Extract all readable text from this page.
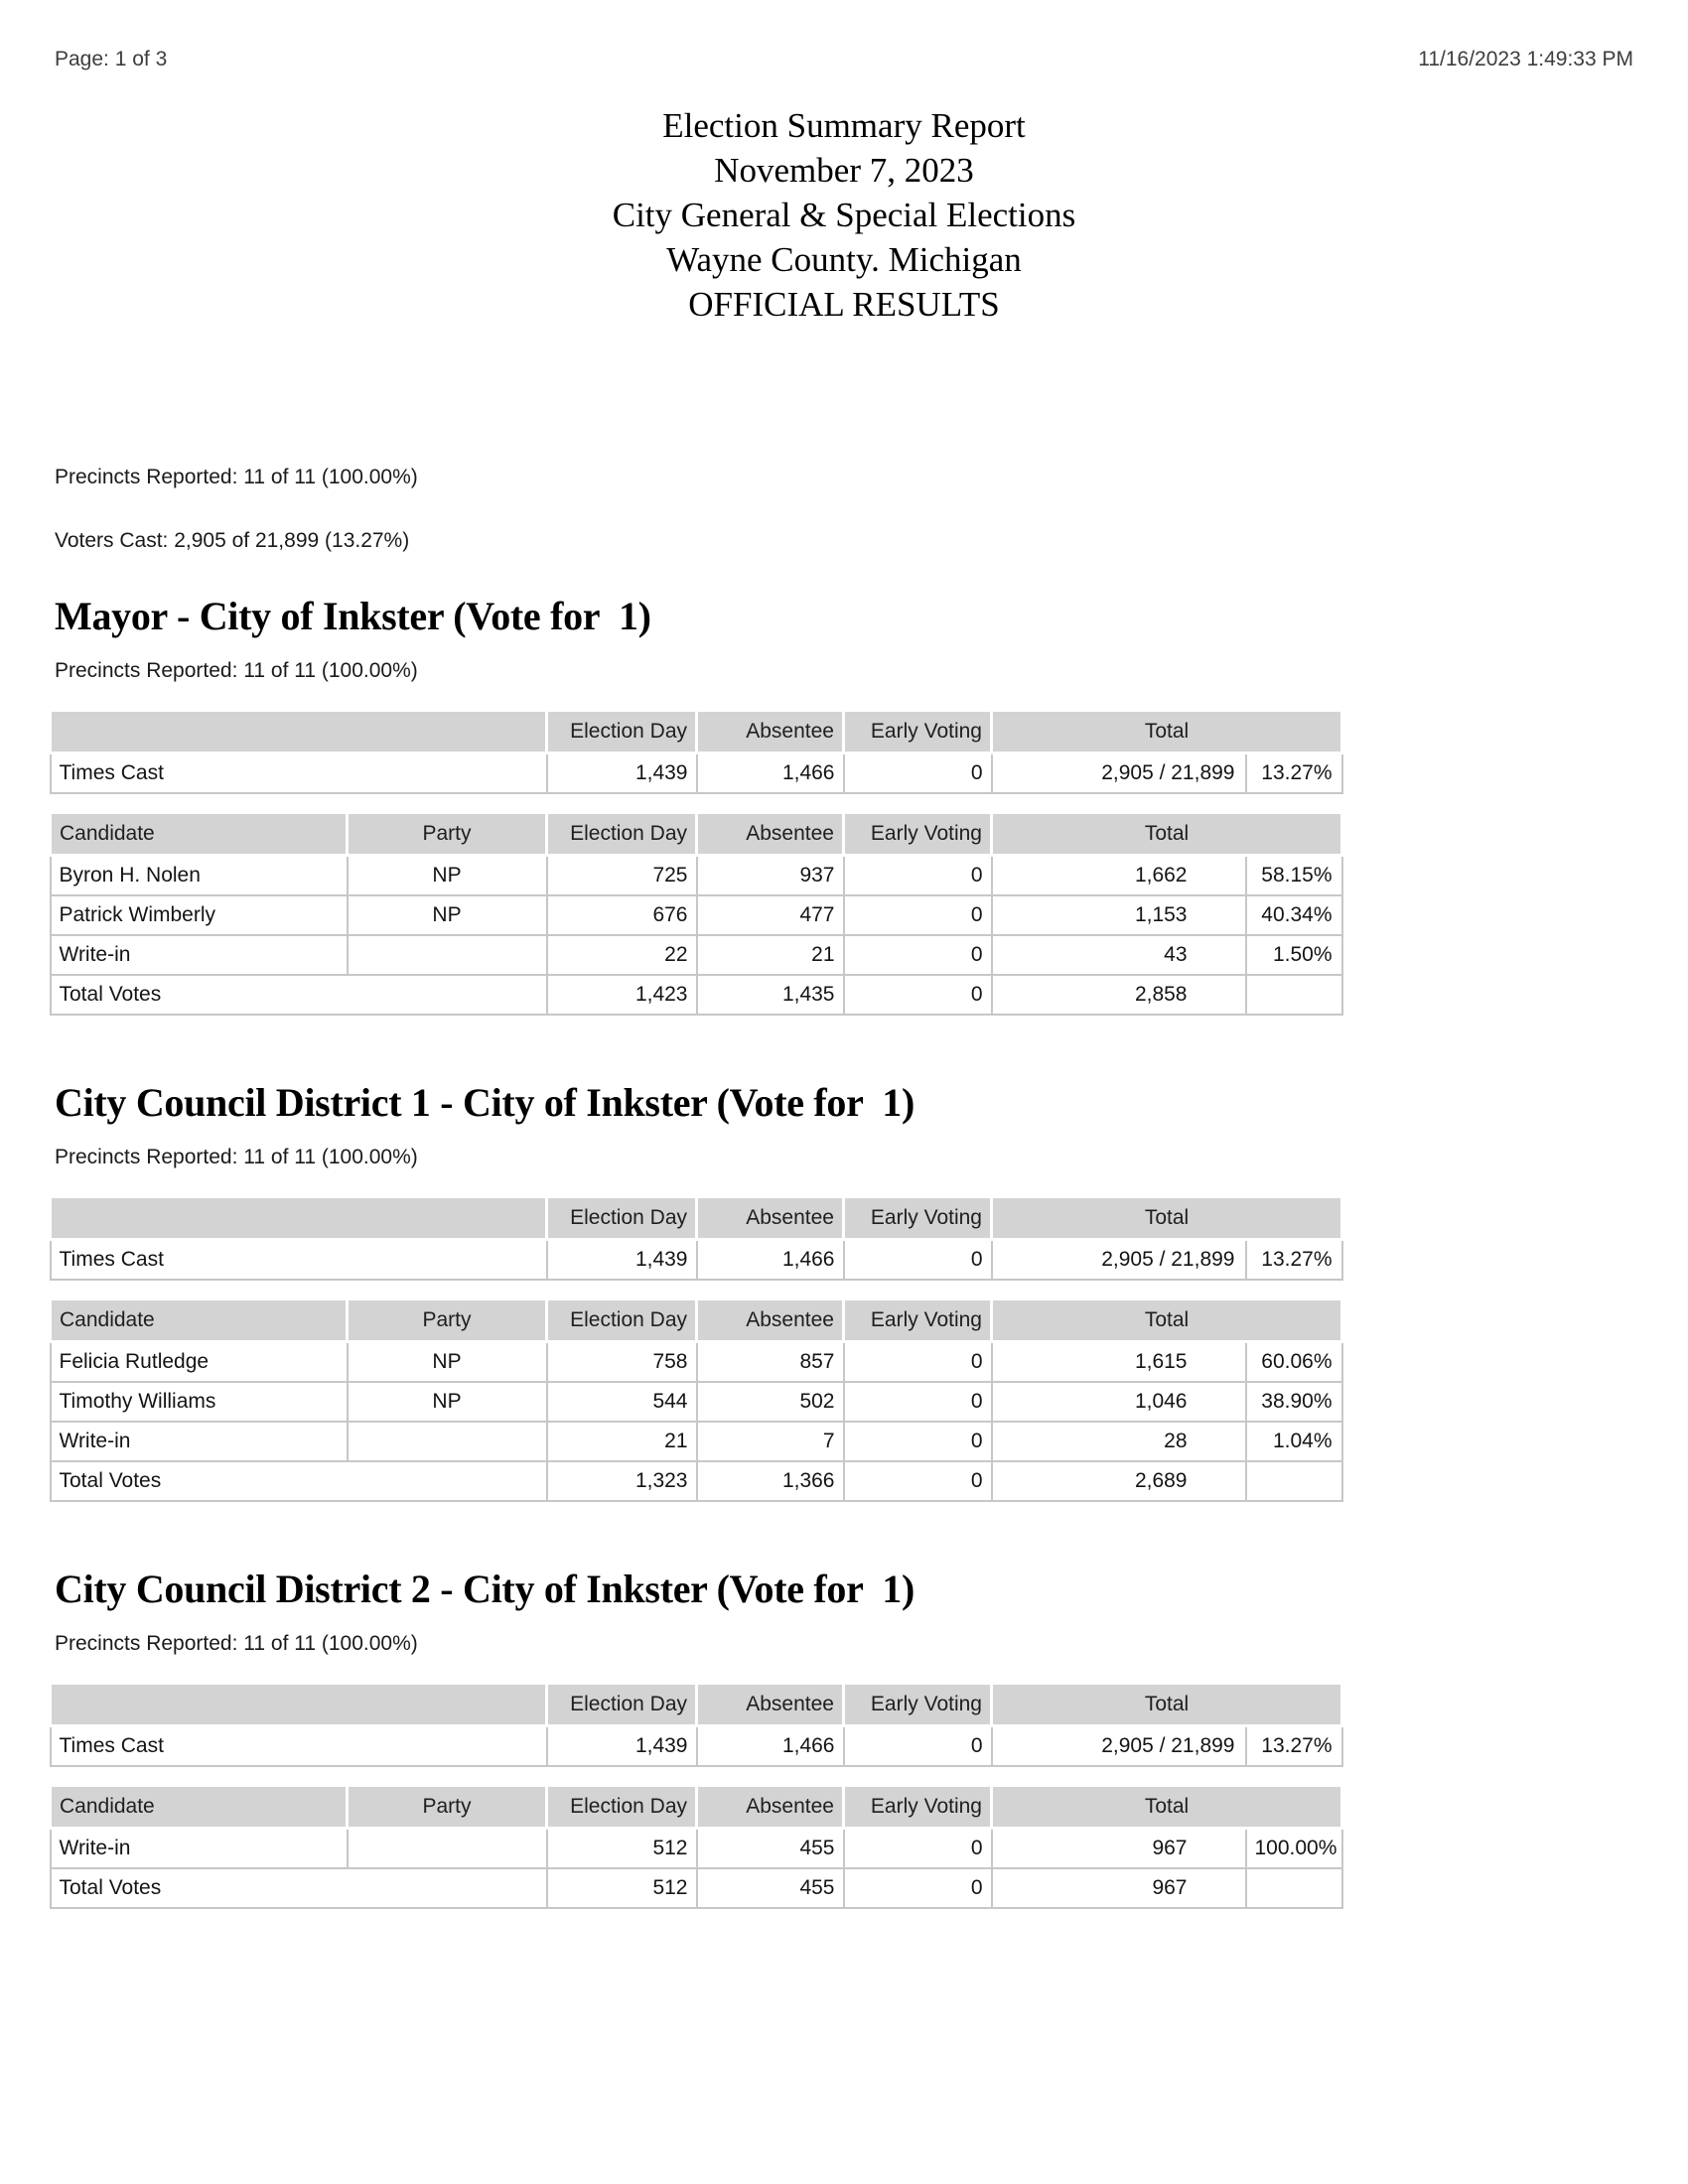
Page: 1 of 3	11/16/2023 1:49:33 PM
Election Summary Report
November 7, 2023
City General & Special Elections
Wayne County. Michigan
OFFICIAL RESULTS

Precincts Reported: 11 of 11 (100.00%)

Voters Cast: 2,905 of 21,899 (13.27%)

Mayor - City of Inkster (Vote for  1)

Precincts Reported: 11 of 11 (100.00%)

	Election Day	Absentee	Early Voting	Total	
Times Cast	1,439	1,466	0	2,905 / 21,899	13.27%
Candidate	Party	Election Day	Absentee	Early Voting	Total	
Byron H. Nolen	NP	725	937	0	1,662	58.15%
Patrick Wimberly	NP	676	477	0	1,153	40.34%
Write-in		22	21	0	43	1.50%
Total Votes		1,423	1,435	0	2,858	
City Council District 1 - City of Inkster (Vote for  1)

Precincts Reported: 11 of 11 (100.00%)

	Election Day	Absentee	Early Voting	Total	
Times Cast	1,439	1,466	0	2,905 / 21,899	13.27%
Candidate	Party	Election Day	Absentee	Early Voting	Total	
Felicia Rutledge	NP	758	857	0	1,615	60.06%
Timothy Williams	NP	544	502	0	1,046	38.90%
Write-in		21	7	0	28	1.04%
Total Votes		1,323	1,366	0	2,689	
City Council District 2 - City of Inkster (Vote for  1)

Precincts Reported: 11 of 11 (100.00%)

	Election Day	Absentee	Early Voting	Total	
Times Cast	1,439	1,466	0	2,905 / 21,899	13.27%
Candidate	Party	Election Day	Absentee	Early Voting	Total	
Write-in		512	455	0	967	100.00%
Total Votes		512	455	0	967	
